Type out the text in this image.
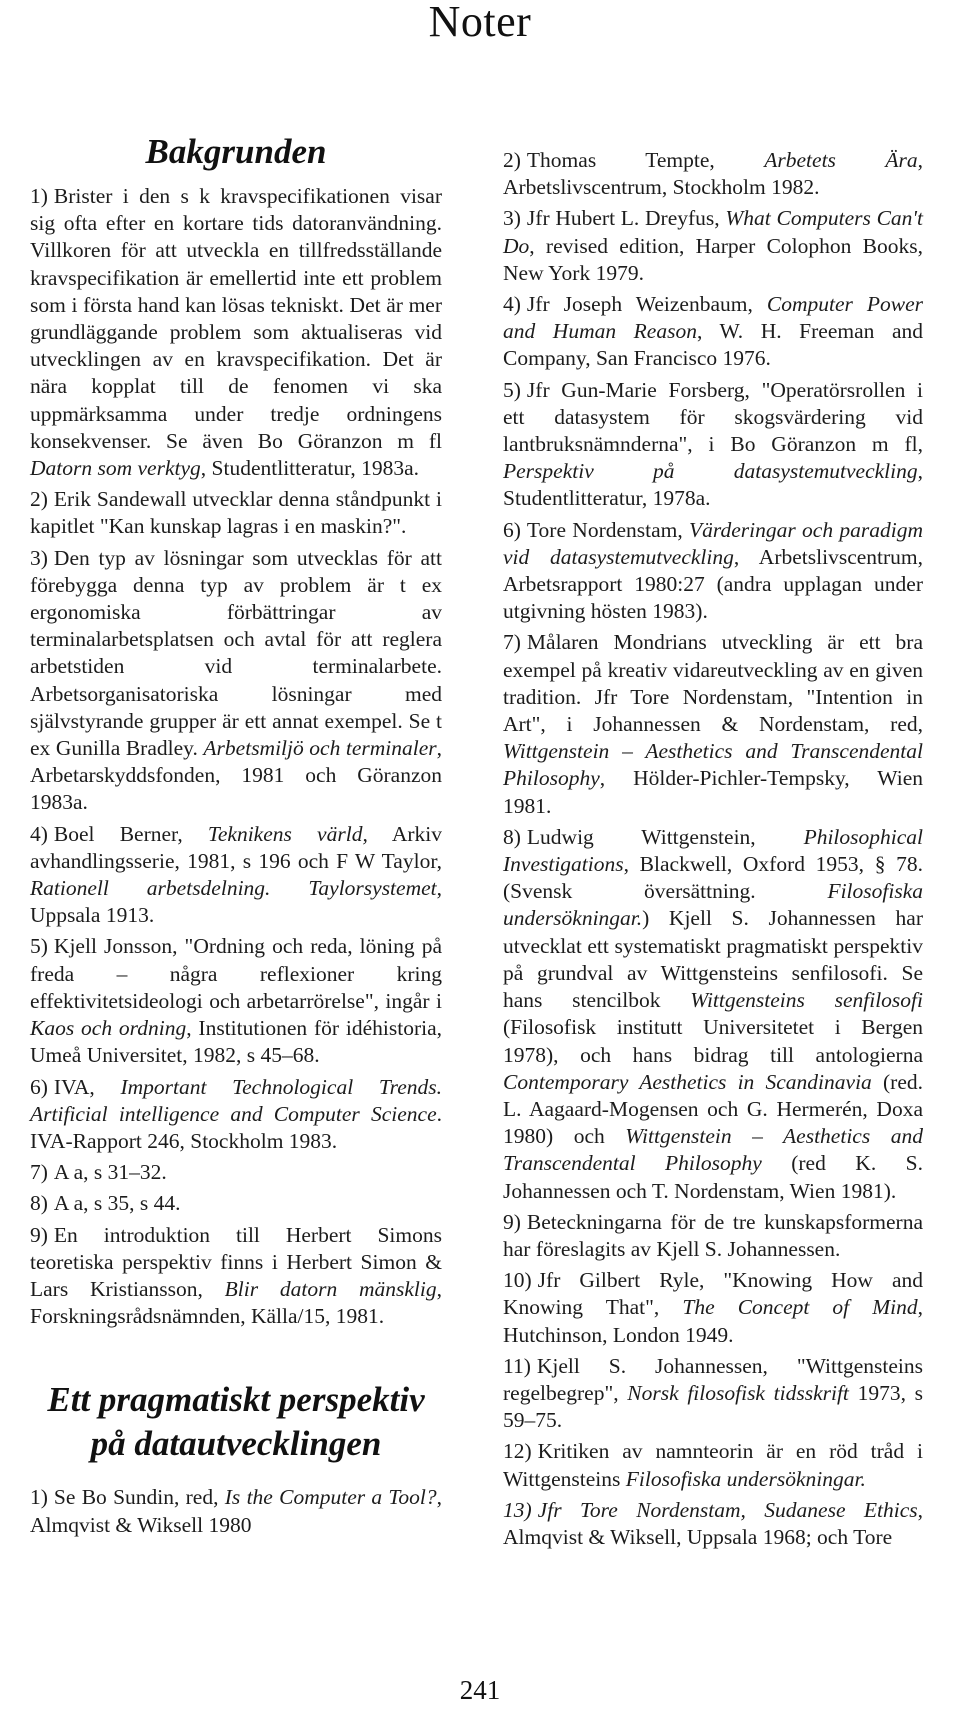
Noter
Bakgrunden

1) Brister i den s k kravspecifikationen visar sig ofta efter en kortare tids datoranvändning. Villkoren för att utveckla en tillfredsställande kravspecifikation är emellertid inte ett problem som i första hand kan lösas tekniskt. Det är mer grundläggande problem som aktualiseras vid utvecklingen av en kravspecifikation. Det är nära kopplat till de fenomen vi ska uppmärksamma under tredje ordningens konsekvenser. Se även Bo Göranzon m fl Datorn som verktyg, Studentlitteratur, 1983a.

2) Erik Sandewall utvecklar denna ståndpunkt i kapitlet "Kan kunskap lagras i en maskin?".

3) Den typ av lösningar som utvecklas för att förebygga denna typ av problem är t ex ergonomiska förbättringar av terminalarbetsplatsen och avtal för att reglera arbetstiden vid terminalarbete. Arbetsorganisatoriska lösningar med självstyrande grupper är ett annat exempel. Se t ex Gunilla Bradley. Arbetsmiljö och terminaler, Arbetarskyddsfonden, 1981 och Göranzon 1983a.

4) Boel Berner, Teknikens värld, Arkiv avhandlingsserie, 1981, s 196 och F W Taylor, Rationell arbetsdelning. Taylorsystemet, Uppsala 1913.

5) Kjell Jonsson, "Ordning och reda, löning på freda – några reflexioner kring effektivitetsideologi och arbetarrörelse", ingår i Kaos och ordning, Institutionen för idéhistoria, Umeå Universitet, 1982, s 45–68.

6) IVA, Important Technological Trends. Artificial intelligence and Computer Science. IVA-Rapport 246, Stockholm 1983.

7) A a, s 31–32.

8) A a, s 35, s 44.

9) En introduktion till Herbert Simons teoretiska perspektiv finns i Herbert Simon & Lars Kristiansson, Blir datorn mänsklig, Forskningsrådsnämnden, Källa/15, 1981.

Ett pragmatiskt perspektiv på datautvecklingen

1) Se Bo Sundin, red, Is the Computer a Tool?, Almqvist & Wiksell 1980

2) Thomas Tempte, Arbetets Ära, Arbetslivscentrum, Stockholm 1982.

3) Jfr Hubert L. Dreyfus, What Computers Can't Do, revised edition, Harper Colophon Books, New York 1979.

4) Jfr Joseph Weizenbaum, Computer Power and Human Reason, W. H. Freeman and Company, San Francisco 1976.

5) Jfr Gun-Marie Forsberg, "Operatörsrollen i ett datasystem för skogsvärdering vid lantbruksnämnderna", i Bo Göranzon m fl, Perspektiv på datasystemutveckling, Studentlitteratur, 1978a.

6) Tore Nordenstam, Värderingar och paradigm vid datasystemutveckling, Arbetslivscentrum, Arbetsrapport 1980:27 (andra upplagan under utgivning hösten 1983).

7) Målaren Mondrians utveckling är ett bra exempel på kreativ vidareutveckling av en given tradition. Jfr Tore Nordenstam, "Intention in Art", i Johannessen & Nordenstam, red, Wittgenstein – Aesthetics and Transcendental Philosophy, Hölder-Pichler-Tempsky, Wien 1981.

8) Ludwig Wittgenstein, Philosophical Investigations, Blackwell, Oxford 1953, § 78. (Svensk översättning. Filosofiska undersökningar.) Kjell S. Johannessen har utvecklat ett systematiskt pragmatiskt perspektiv på grundval av Wittgensteins senfilosofi. Se hans stencilbok Wittgensteins senfilosofi (Filosofisk institutt Universitetet i Bergen 1978), och hans bidrag till antologierna Contemporary Aesthetics in Scandinavia (red. L. Aagaard-Mogensen och G. Hermerén, Doxa 1980) och Wittgenstein – Aesthetics and Transcendental Philosophy (red K. S. Johannessen och T. Nordenstam, Wien 1981).

9) Beteckningarna för de tre kunskapsformerna har föreslagits av Kjell S. Johannessen.

10) Jfr Gilbert Ryle, "Knowing How and Knowing That", The Concept of Mind, Hutchinson, London 1949.

11) Kjell S. Johannessen, "Wittgensteins regelbegrep", Norsk filosofisk tidsskrift 1973, s 59–75.

12) Kritiken av namnteorin är en röd tråd i Wittgensteins Filosofiska undersökningar.

13) Jfr Tore Nordenstam, Sudanese Ethics, Almqvist & Wiksell, Uppsala 1968; och Tore

241
